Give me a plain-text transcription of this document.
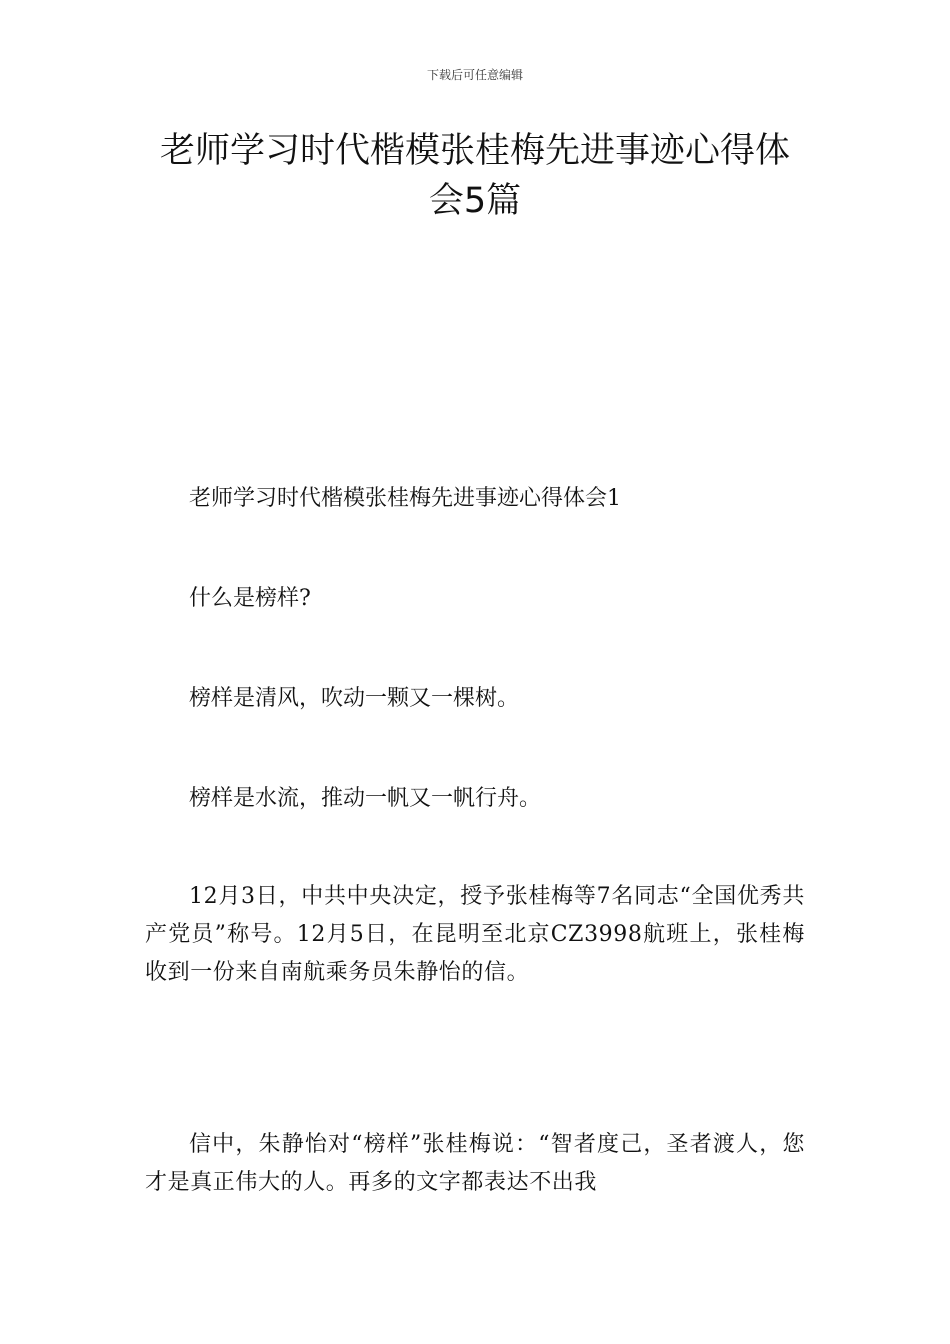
下载后可任意编辑
老师学习时代楷模张桂梅先进事迹心得体会5篇

老师学习时代楷模张桂梅先进事迹心得体会1

什么是榜样?

榜样是清风，吹动一颗又一棵树。

榜样是水流，推动一帆又一帆行舟。

12月3日，中共中央决定，授予张桂梅等7名同志“全国优秀共产党员”称号。12月5日，在昆明至北京CZ3998航班上，张桂梅收到一份来自南航乘务员朱静怡的信。

信中，朱静怡对“榜样”张桂梅说：“智者度己，圣者渡人，您才是真正伟大的人。再多的文字都表达不出我
